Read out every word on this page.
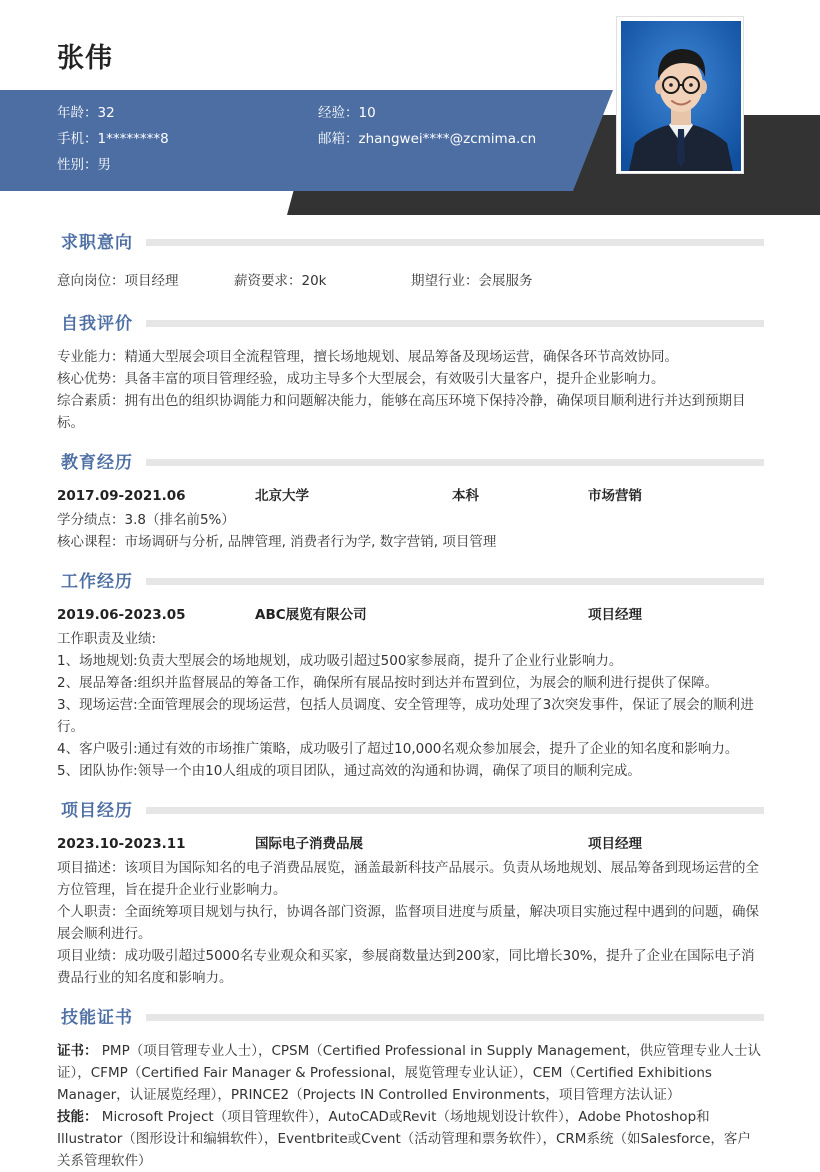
张伟
年龄：32	经验：10
手机：1********8	邮箱：zhangwei****@zcmima.cn
性别：男
求职意向
意向岗位：项目经理	薪资要求：20k	期望行业：会展服务
自我评价
专业能力：精通大型展会项目全流程管理，擅长场地规划、展品筹备及现场运营，确保各环节高效协同。
核心优势：具备丰富的项目管理经验，成功主导多个大型展会，有效吸引大量客户，提升企业影响力。
综合素质：拥有出色的组织协调能力和问题解决能力，能够在高压环境下保持冷静，确保项目顺利进行并达到预期目标。
教育经历
2017.09-2021.06	北京大学	本科	市场营销
学分绩点：3.8（排名前5%）
核心课程：市场调研与分析, 品牌管理, 消费者行为学, 数字营销, 项目管理
工作经历
2019.06-2023.05	ABC展览有限公司	项目经理
工作职责及业绩:
1、场地规划:负责大型展会的场地规划，成功吸引超过500家参展商，提升了企业行业影响力。
2、展品筹备:组织并监督展品的筹备工作，确保所有展品按时到达并布置到位，为展会的顺利进行提供了保障。
3、现场运营:全面管理展会的现场运营，包括人员调度、安全管理等，成功处理了3次突发事件，保证了展会的顺利进行。
4、客户吸引:通过有效的市场推广策略，成功吸引了超过10,000名观众参加展会，提升了企业的知名度和影响力。
5、团队协作:领导一个由10人组成的项目团队，通过高效的沟通和协调，确保了项目的顺利完成。
项目经历
2023.10-2023.11	国际电子消费品展	项目经理
项目描述：该项目为国际知名的电子消费品展览，涵盖最新科技产品展示。负责从场地规划、展品筹备到现场运营的全方位管理，旨在提升企业行业影响力。
个人职责：全面统筹项目规划与执行，协调各部门资源，监督项目进度与质量，解决项目实施过程中遇到的问题，确保展会顺利进行。
项目业绩：成功吸引超过5000名专业观众和买家，参展商数量达到200家，同比增长30%，提升了企业在国际电子消费品行业的知名度和影响力。
技能证书
证书： PMP（项目管理专业人士），CPSM（Certified Professional in Supply Management，供应管理专业人士认证），CFMP（Certified Fair Manager & Professional，展览管理专业认证），CEM（Certified Exhibitions Manager，认证展览经理），PRINCE2（Projects IN Controlled Environments，项目管理方法认证）
技能： Microsoft Project（项目管理软件），AutoCAD或Revit（场地规划设计软件），Adobe Photoshop和Illustrator（图形设计和编辑软件），Eventbrite或Cvent（活动管理和票务软件），CRM系统（如Salesforce，客户关系管理软件）
